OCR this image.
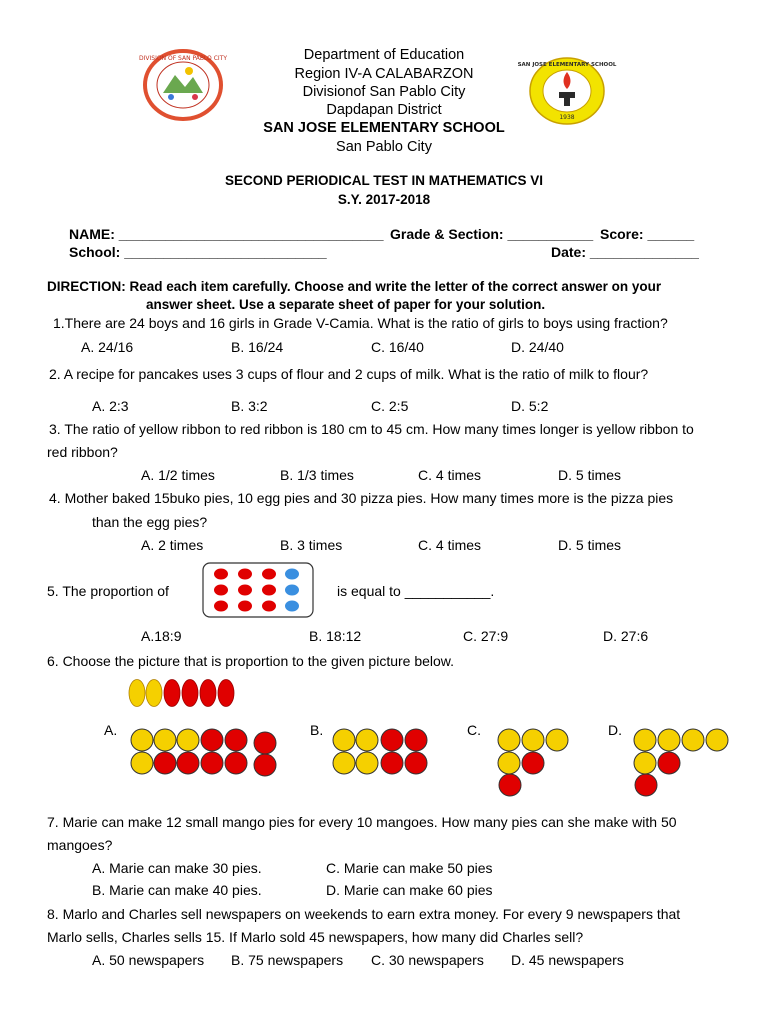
DIVISION OF SAN PABLO CITY
SAN JOSE ELEMENTARY SCHOOL
1938
Department of Education
Region IV-A CALABARZON
Divisionof San Pablo City
Dapdapan District
SAN JOSE ELEMENTARY SCHOOL
San Pablo City
SECOND PERIODICAL TEST IN MATHEMATICS VI
S.Y. 2017-2018
NAME: __________________________________ Grade & Section: ___________ Score: ______
School: __________________________	Date: ______________
DIRECTION: Read each item carefully. Choose and write the letter of the correct answer on your
answer sheet. Use a separate sheet of paper for your solution.
1.There are 24 boys and 16 girls in Grade V-Camia. What is the ratio of girls to boys using fraction?
A. 24/16	B. 16/24	C. 16/40	D. 24/40
2. A recipe for pancakes uses 3 cups of flour and 2 cups of milk. What is the ratio of milk to flour?
A. 2:3	B. 3:2	C. 2:5	D. 5:2
3. The ratio of yellow ribbon to red ribbon is 180 cm to 45 cm. How many times longer is yellow ribbon to
red ribbon?
A. 1/2 times	B. 1/3 times	C. 4 times	D. 5 times
4. Mother baked 15buko pies, 10 egg pies and 30 pizza pies. How many times more is the pizza pies
than the egg pies?
A. 2 times	B. 3 times	C. 4 times	D. 5 times
5. The proportion of	is equal to ___________.
A.18:9	B. 18:12	C. 27:9	D. 27:6
6. Choose the picture that is proportion to the given picture below.
A.	B.	C.	D.
7. Marie can make 12 small mango pies for every 10 mangoes. How many pies can she make with 50
mangoes?
A. Marie can make 30 pies.	C. Marie can make 50 pies
B. Marie can make 40 pies.	D. Marie can make 60 pies
8. Marlo and Charles sell newspapers on weekends to earn extra money. For every 9 newspapers that
Marlo sells, Charles sells 15. If Marlo sold 45 newspapers, how many did Charles sell?
A. 50 newspapers B. 75 newspapers C. 30 newspapers D. 45 newspapers
